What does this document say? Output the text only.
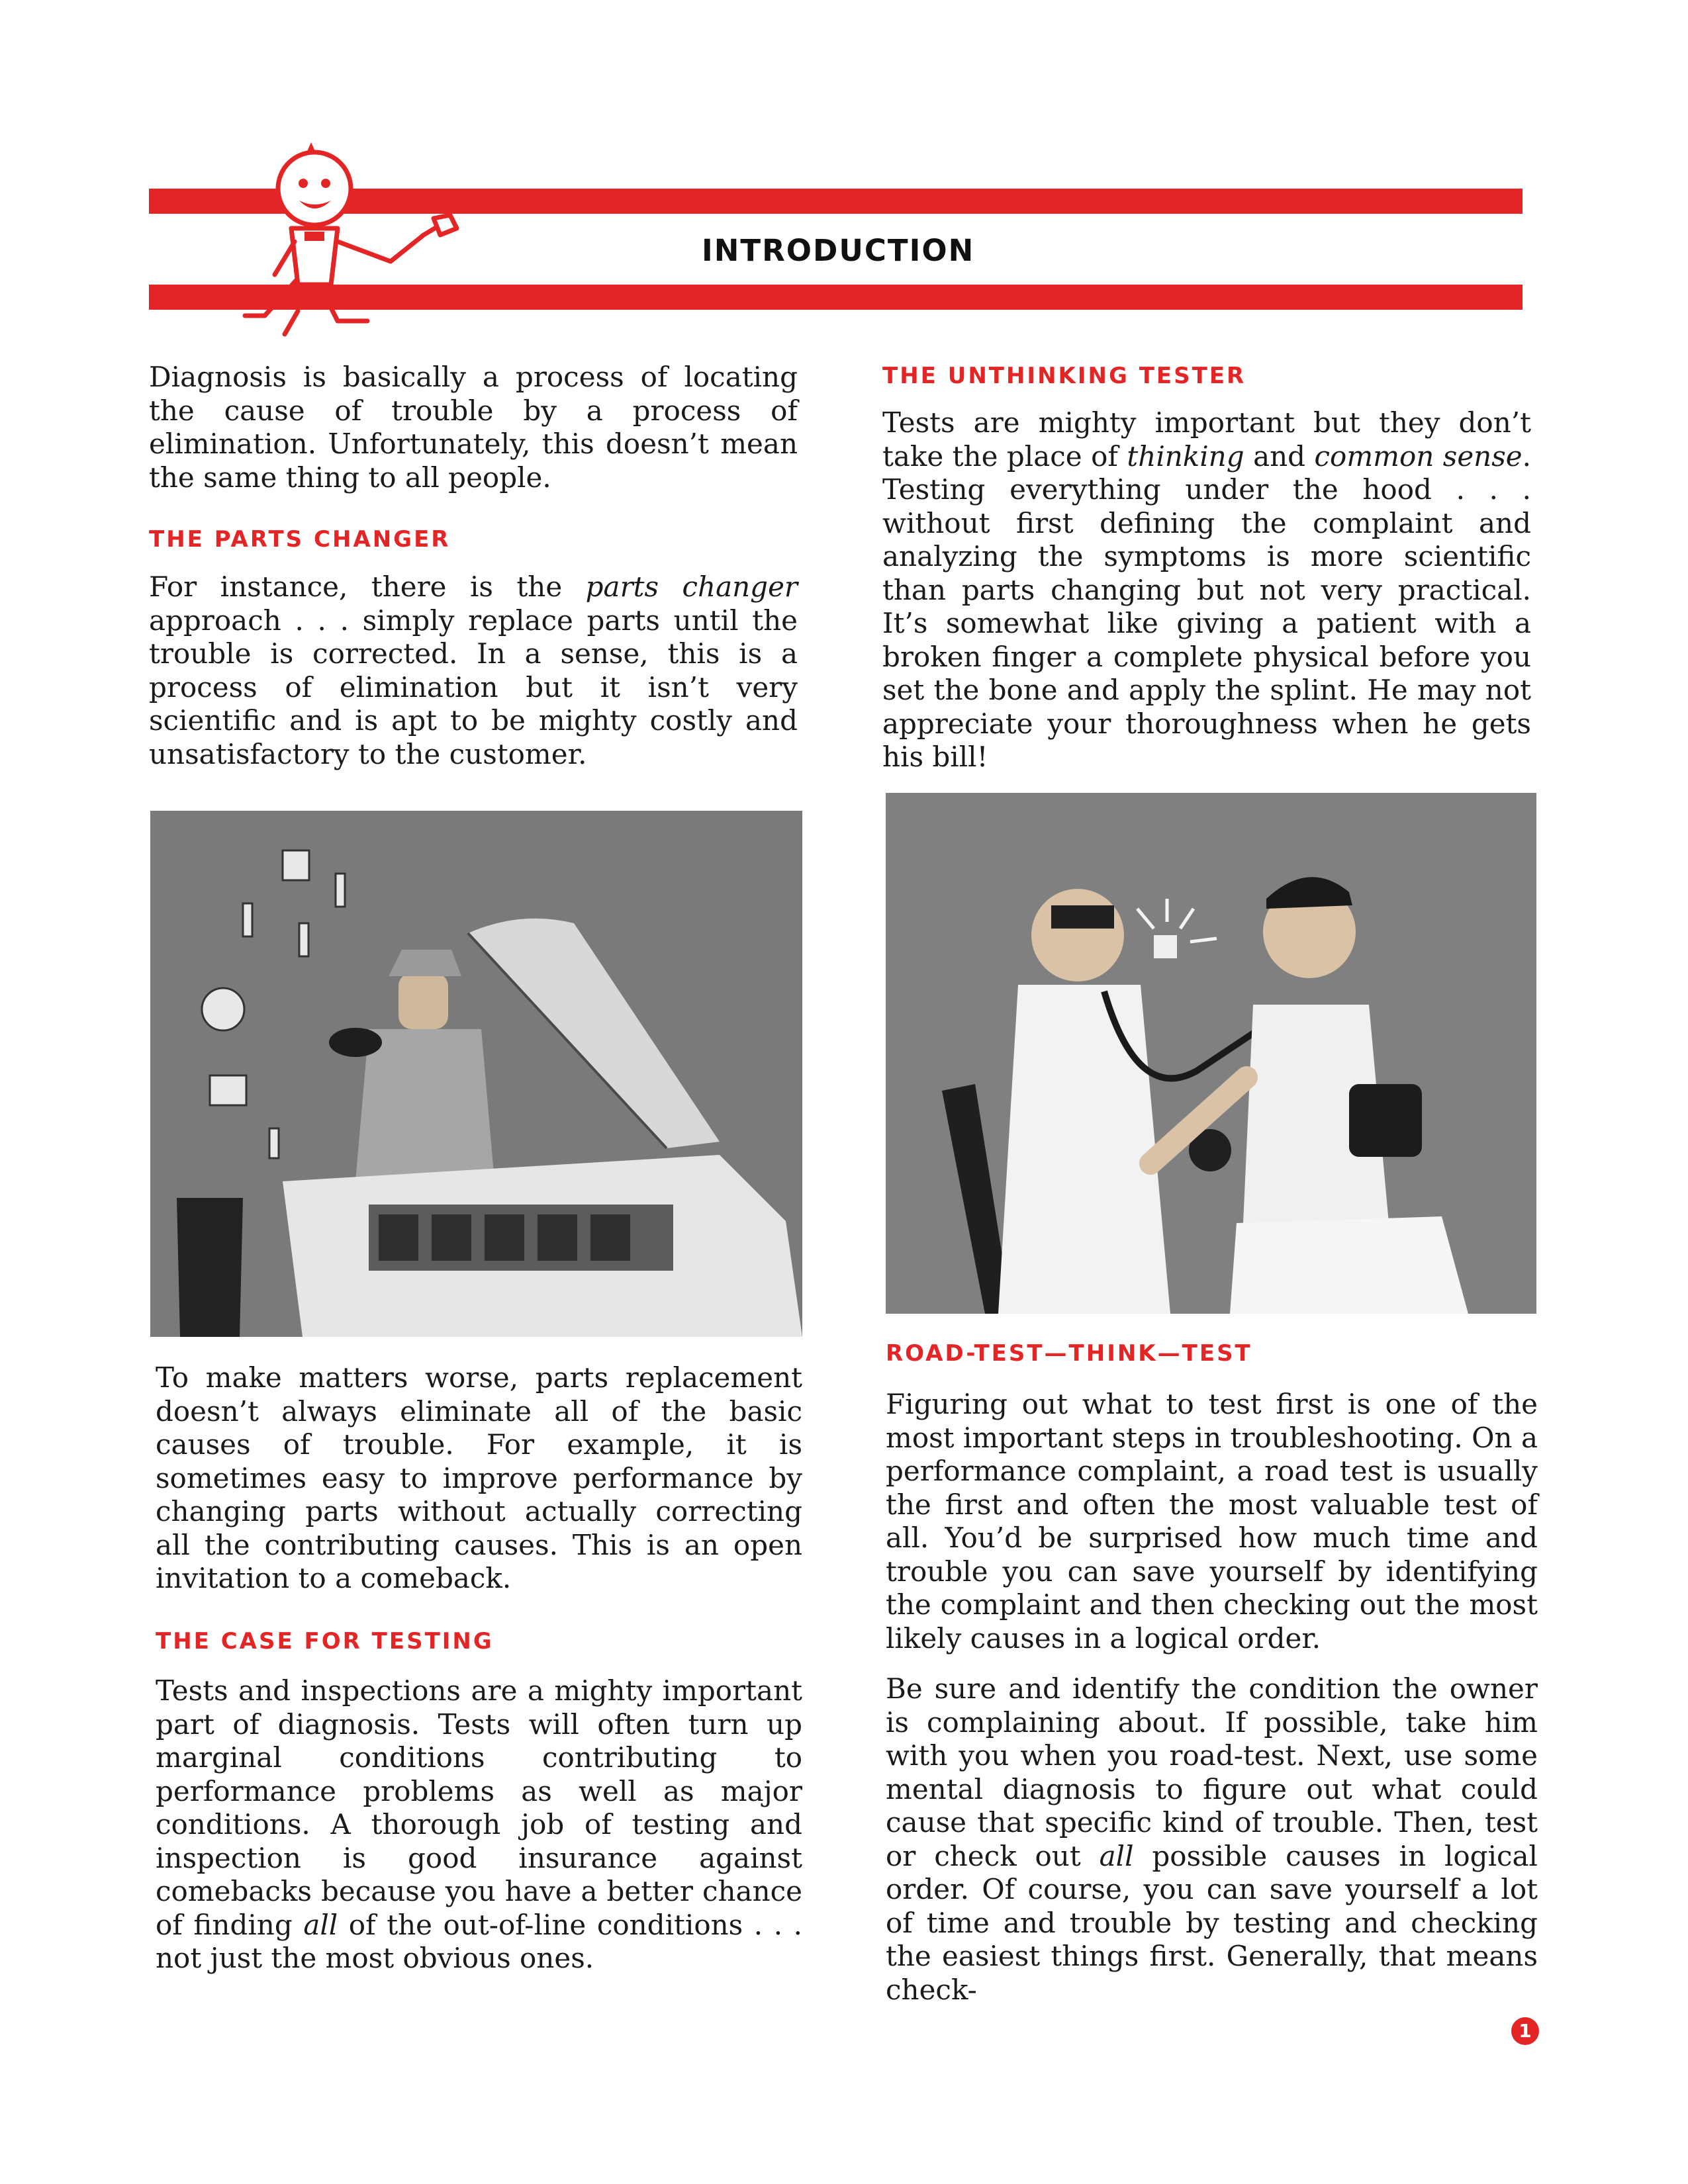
INTRODUCTION

Diagnosis is basically a process of locating the cause of trouble by a process of elimination. Unfortunately, this doesn’t mean the same thing to all people.

THE PARTS CHANGER

For instance, there is the parts changer approach . . . simply replace parts until the trouble is corrected. In a sense, this is a process of elimination but it isn’t very scientific and is apt to be mighty costly and unsatisfactory to the customer.

To make matters worse, parts replacement doesn’t always eliminate all of the basic causes of trouble. For example, it is sometimes easy to improve performance by changing parts without actually correcting all the contributing causes. This is an open invitation to a comeback.

THE CASE FOR TESTING

Tests and inspections are a mighty important part of diagnosis. Tests will often turn up marginal conditions contributing to performance problems as well as major conditions. A thorough job of testing and inspection is good insurance against comebacks because you have a better chance of finding all of the out-of-line conditions . . . not just the most obvious ones.

THE UNTHINKING TESTER

Tests are mighty important but they don’t take the place of thinking and common sense. Testing everything under the hood . . . without first defining the complaint and analyzing the symptoms is more scientific than parts changing but not very practical. It’s somewhat like giving a patient with a broken finger a complete physical before you set the bone and apply the splint. He may not appreciate your thoroughness when he gets his bill!

ROAD-TEST—THINK—TEST

Figuring out what to test first is one of the most important steps in troubleshooting. On a performance complaint, a road test is usually the first and often the most valuable test of all. You’d be surprised how much time and trouble you can save yourself by identifying the complaint and then checking out the most likely causes in a logical order.

Be sure and identify the condition the owner is complaining about. If possible, take him with you when you road-test. Next, use some mental diagnosis to figure out what could cause that specific kind of trouble. Then, test or check out all possible causes in logical order. Of course, you can save yourself a lot of time and trouble by testing and checking the easiest things first. Generally, that means check-

1
